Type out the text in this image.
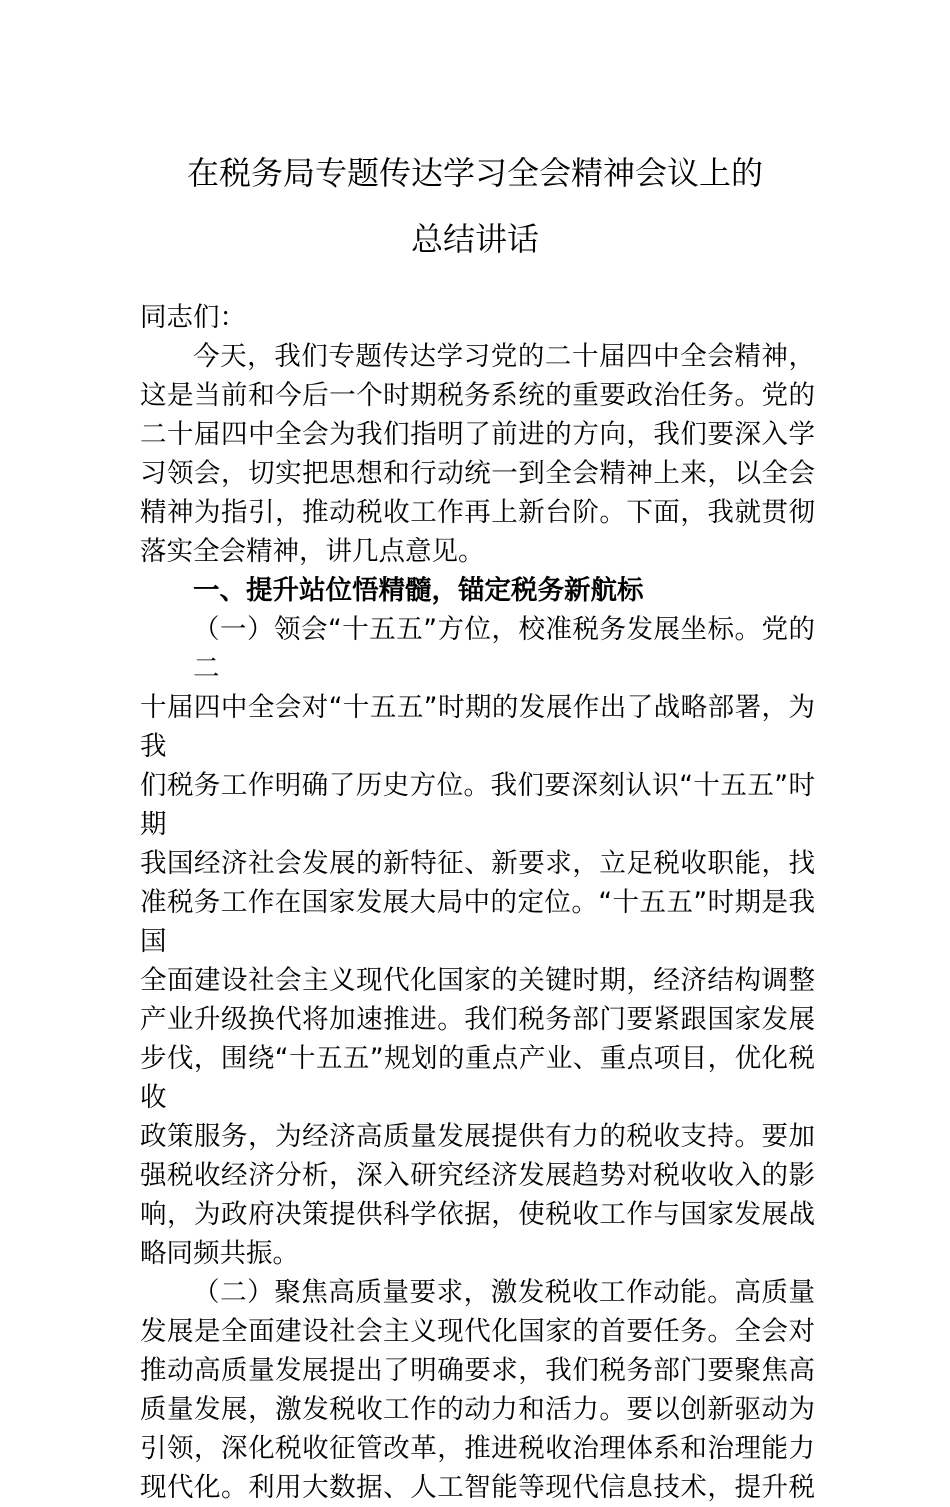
在税务局专题传达学习全会精神会议上的
总结讲话
同志们：
今天，我们专题传达学习党的二十届四中全会精神，
这是当前和今后一个时期税务系统的重要政治任务。党的
二十届四中全会为我们指明了前进的方向，我们要深入学
习领会，切实把思想和行动统一到全会精神上来，以全会
精神为指引，推动税收工作再上新台阶。下面，我就贯彻
落实全会精神，讲几点意见。
一、提升站位悟精髓，锚定税务新航标
（一）领会“十五五”方位，校准税务发展坐标。党的二
十届四中全会对“十五五”时期的发展作出了战略部署，为我
们税务工作明确了历史方位。我们要深刻认识“十五五”时期
我国经济社会发展的新特征、新要求，立足税收职能，找
准税务工作在国家发展大局中的定位。“十五五”时期是我国
全面建设社会主义现代化国家的关键时期，经济结构调整
产业升级换代将加速推进。我们税务部门要紧跟国家发展
步伐，围绕“十五五”规划的重点产业、重点项目，优化税收
政策服务，为经济高质量发展提供有力的税收支持。要加
强税收经济分析，深入研究经济发展趋势对税收收入的影
响，为政府决策提供科学依据，使税收工作与国家发展战
略同频共振。
（二）聚焦高质量要求，激发税收工作动能。高质量
发展是全面建设社会主义现代化国家的首要任务。全会对
推动高质量发展提出了明确要求，我们税务部门要聚焦高
质量发展，激发税收工作的动力和活力。要以创新驱动为
引领，深化税收征管改革，推进税收治理体系和治理能力
现代化。利用大数据、人工智能等现代信息技术，提升税
